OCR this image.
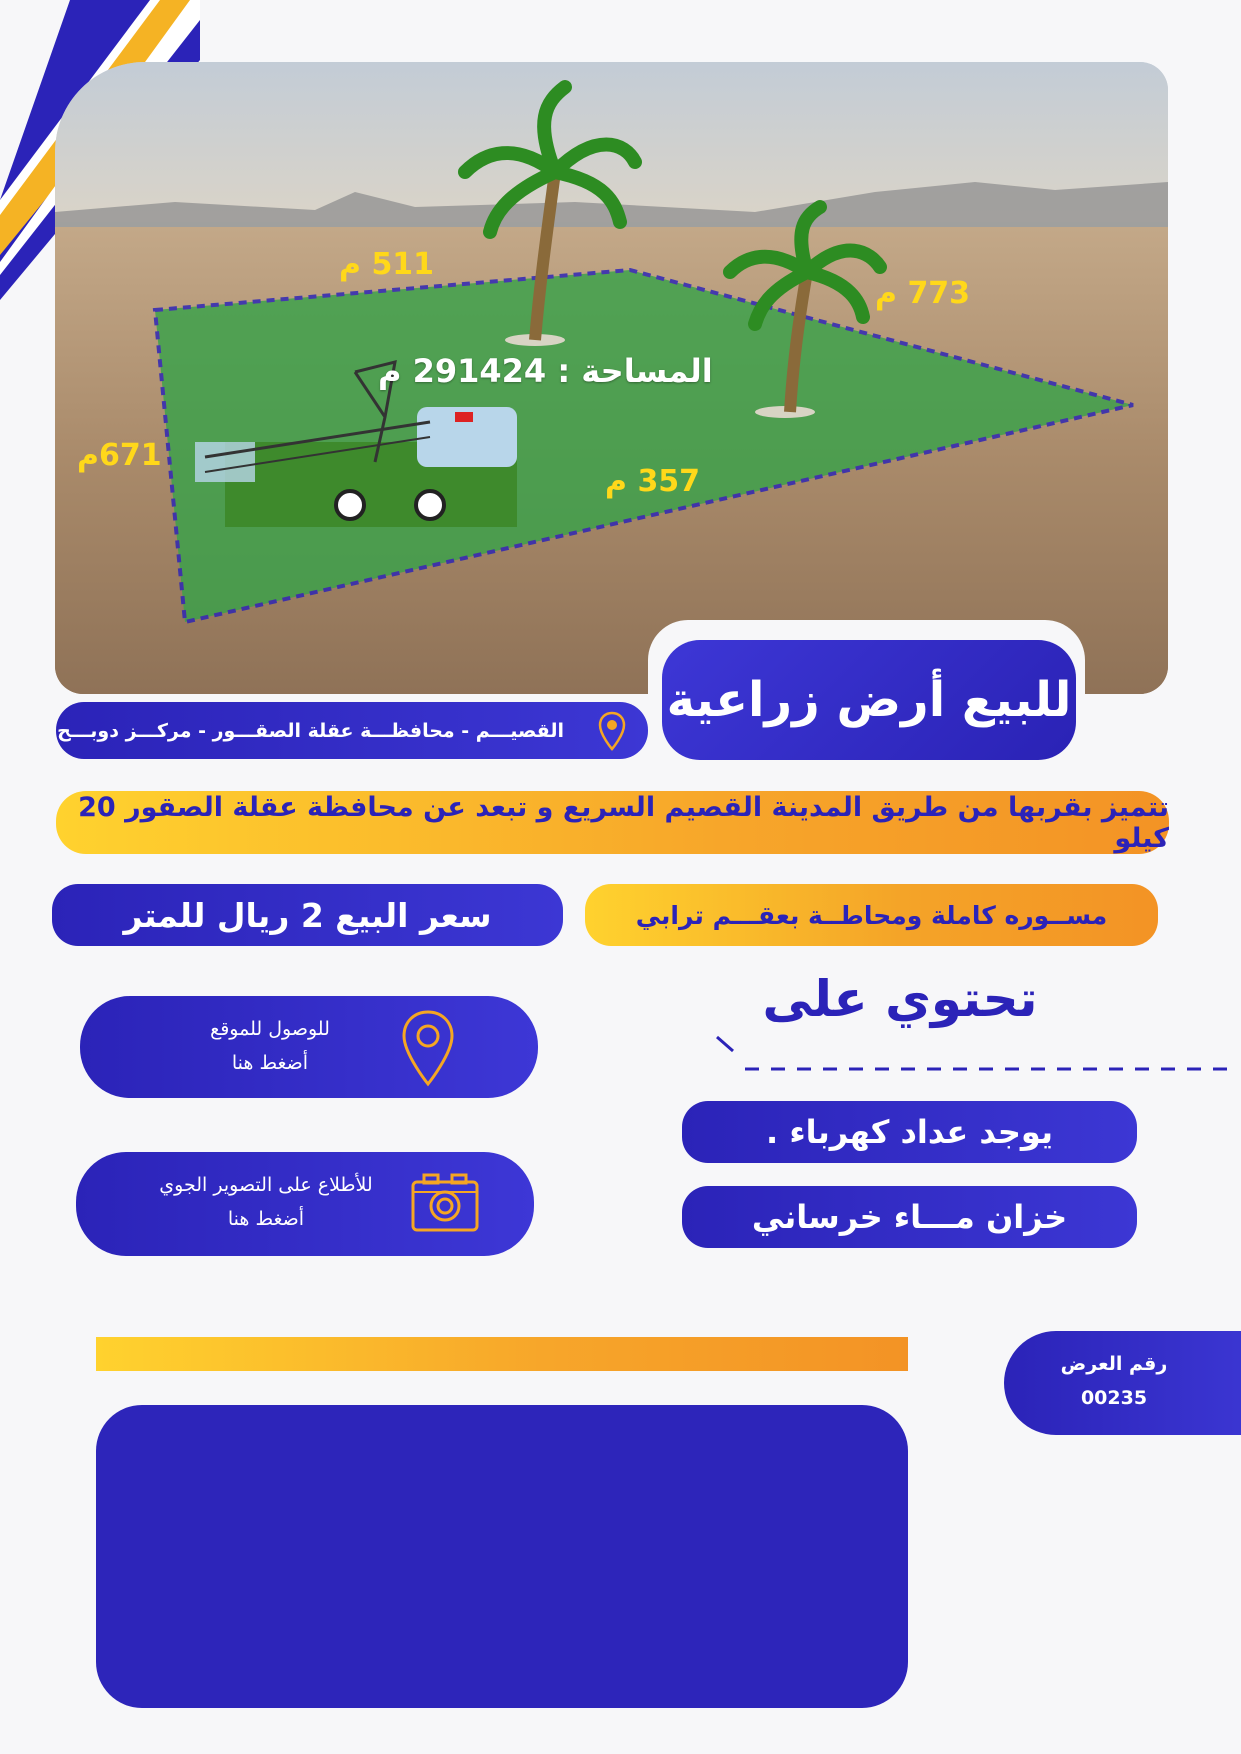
511 م
773 م
671م
357 م
المساحة : 291424 م
للبيع أرض زراعية
القصيـــم - محافظـــة عقلة الصقـــور - مركـــز دوبـــح
تتميز بقربها من طريق المدينة القصيم السريع و تبعد عن محافظة عقلة الصقور 20 كيلو
سعر البيع 2 ريال للمتر	مســوره كاملة ومحاطــة بعقـــم ترابي
تحتوي على
يوجد عداد كهرباء .
خزان مـــاء خرساني
للوصول للموقع
أضغط هنا
للأطلاع على التصوير الجوي
أضغط هنا
رقم العرض
00235
